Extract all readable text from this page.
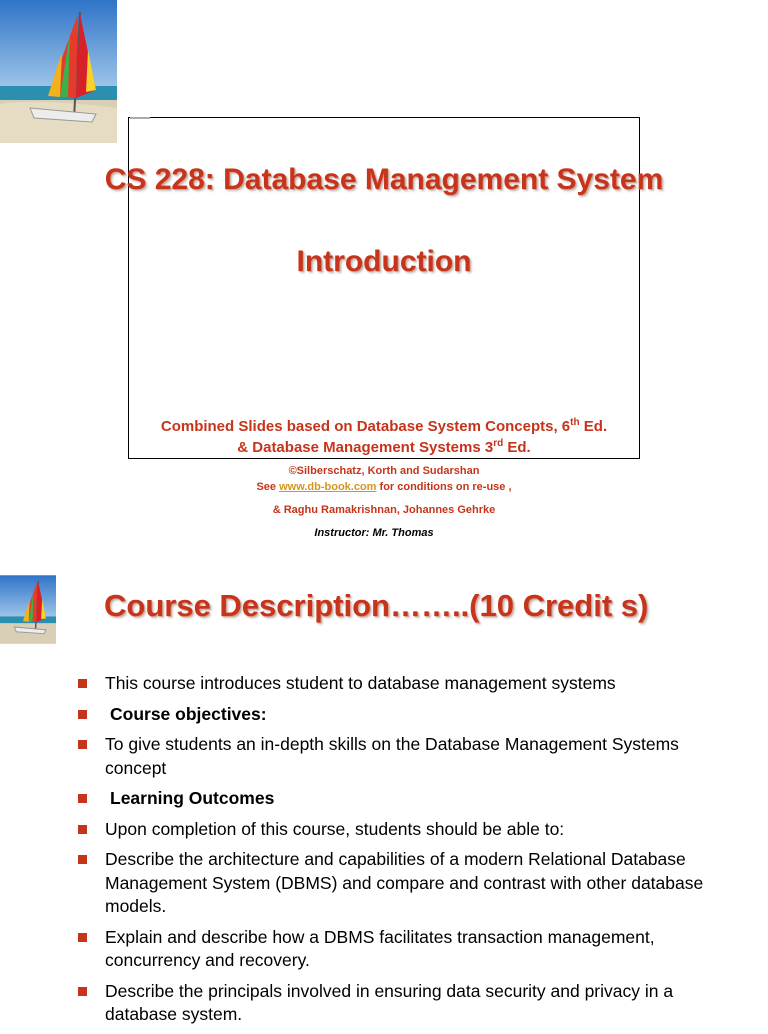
CS 228: Database Management System
Introduction
Combined Slides based on Database System Concepts, 6th Ed.
& Database Management Systems 3rd Ed.
©Silberschatz, Korth and Sudarshan
See www.db-book.com for conditions on re-use ,
& Raghu Ramakrishnan, Johannes Gehrke
Instructor: Mr. Thomas
Course Description……..(10 Credit s)
This course introduces student to database management systems
Course objectives:
To give students an in-depth skills on the Database Management Systems concept
Learning Outcomes
Upon completion of this course, students should be able to:
Describe the architecture and capabilities of a modern Relational Database Management System (DBMS) and compare and contrast with other database models.
Explain and describe how a DBMS facilitates transaction management, concurrency and recovery.
Describe the principals involved in ensuring data security and privacy in a database system.
